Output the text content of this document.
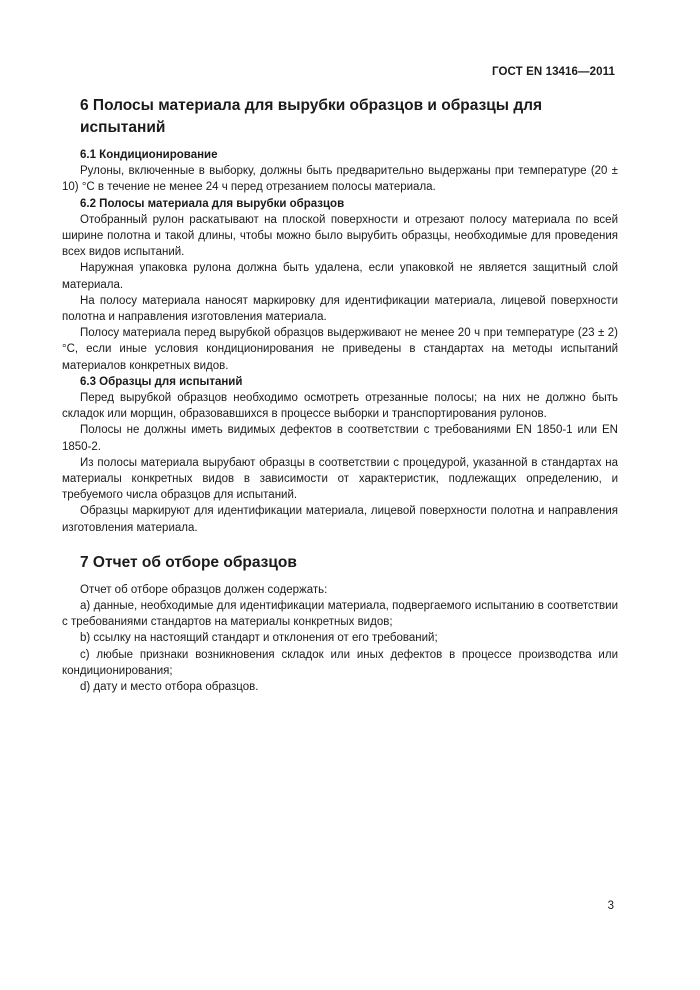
ГОСТ EN 13416—2011
6 Полосы материала для вырубки образцов и образцы для испытаний
6.1 Кондиционирование

Рулоны, включенные в выборку, должны быть предварительно выдержаны при температуре (20 ± 10) °С в течение не менее 24 ч перед отрезанием полосы материала.

6.2 Полосы материала для вырубки образцов

Отобранный рулон раскатывают на плоской поверхности и отрезают полосу материала по всей ширине полотна и такой длины, чтобы можно было вырубить образцы, необходимые для проведения всех видов испытаний.

Наружная упаковка рулона должна быть удалена, если упаковкой не является защитный слой материала.

На полосу материала наносят маркировку для идентификации материала, лицевой поверхности полотна и направления изготовления материала.

Полосу материала перед вырубкой образцов выдерживают не менее 20 ч при температуре (23 ± 2) °С, если иные условия кондиционирования не приведены в стандартах на методы испытаний материалов конкретных видов.

6.3 Образцы для испытаний

Перед вырубкой образцов необходимо осмотреть отрезанные полосы; на них не должно быть складок или морщин, образовавшихся в процессе выборки и транспортирования рулонов.

Полосы не должны иметь видимых дефектов в соответствии с требованиями EN 1850-1 или EN 1850-2.

Из полосы материала вырубают образцы в соответствии с процедурой, указанной в стандартах на материалы конкретных видов в зависимости от характеристик, подлежащих определению, и требуемого числа образцов для испытаний.

Образцы маркируют для идентификации материала, лицевой поверхности полотна и направления изготовления материала.

7 Отчет об отборе образцов

Отчет об отборе образцов должен содержать:

а) данные, необходимые для идентификации материала, подвергаемого испытанию в соответствии с требованиями стандартов на материалы конкретных видов;

b) ссылку на настоящий стандарт и отклонения от его требований;

с) любые признаки возникновения складок или иных дефектов в процессе производства или кондиционирования;

d) дату и место отбора образцов.

3
